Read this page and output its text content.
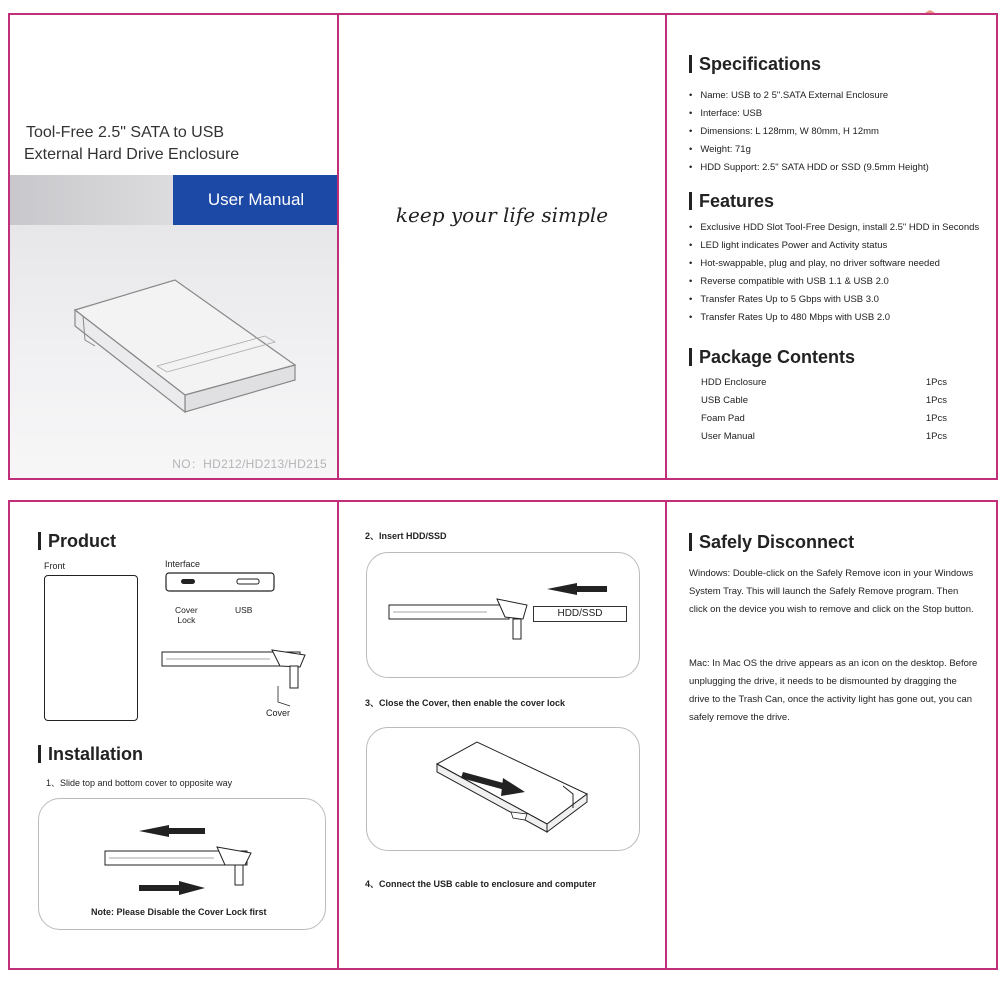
Tool-Free 2.5" SATA to USB
External Hard Drive Enclosure
User Manual
NO：HD212/HD213/HD215
keep your life simple
Specifications
• Name: USB to 2 5".SATA External Enclosure
• Interface: USB
• Dimensions: L 128mm, W 80mm, H 12mm
• Weight: 71g
• HDD Support: 2.5" SATA HDD or SSD (9.5mm Height)
Features
• Exclusive HDD Slot Tool-Free Design, install 2.5" HDD in Seconds
• LED light indicates Power and Activity status
• Hot-swappable, plug and play, no driver software needed
• Reverse compatible with USB 1.1 & USB 2.0
• Transfer Rates Up to 5 Gbps with USB 3.0
• Transfer Rates Up to 480 Mbps with USB 2.0
Package Contents
HDD Enclosure	1Pcs
USB Cable	1Pcs
Foam Pad	1Pcs
User Manual	1Pcs
Product
Front	Interface
Cover
Lock
USB
Cover
Installation
1、Slide top and bottom cover to opposite way
Note: Please Disable the Cover Lock first
2、Insert HDD/SSD
HDD/SSD
3、Close the Cover, then enable the cover lock
4、Connect the USB cable to enclosure and computer
Safely Disconnect
Windows: Double-click on the Safely Remove icon in your Windows System Tray. This will launch the Safely Remove program. Then click on the device you wish to remove and click on the Stop button.
Mac: In Mac OS the drive appears as an icon on the desktop. Before unplugging the drive, it needs to be dismounted by dragging the drive to the Trash Can, once the activity light has gone out, you can safely remove the drive.
